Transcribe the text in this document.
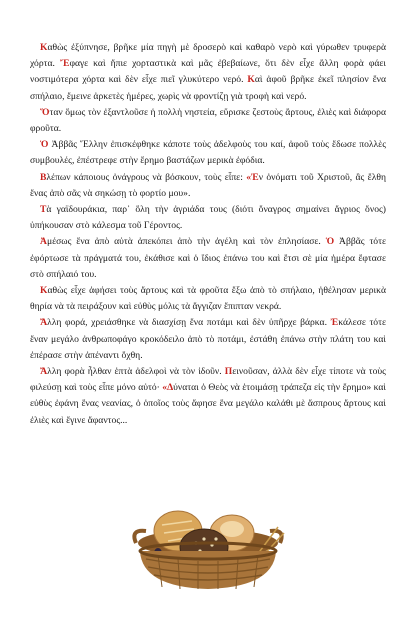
Καθὼς ἐξύπνησε, βρῆκε μία πηγὴ μὲ δροσερὸ καὶ καθαρὸ νερὸ καὶ γύρωθεν τρυφερὰ χόρτα. Ἔφαγε καὶ ἤπιε χορταστικὰ καὶ μᾶς ἐβεβαίωνε, ὅτι δὲν εἶχε ἄλλη φορὰ φάει νοστιμότερα χόρτα καὶ δὲν εἶχε πιεῖ γλυκύτερο νερό. Καὶ ἀφοῦ βρῆκε ἐκεῖ πλησίον ἕνα σπήλαιο, ἔμεινε ἀρκετὲς ἡμέρες, χωρὶς νὰ φροντίζῃ γιὰ τροφὴ καὶ νερό.

Ὅταν ὅμως τὸν ἐξαντλοῦσε ἡ πολλὴ νηστεία, εὕρισκε ζεστοὺς ἄρτους, ἐλιὲς καὶ διάφορα φροῦτα.

Ὁ Ἀββᾶς Ἕλλην ἐπισκέφθηκε κάποτε τοὺς ἀδελφοὺς του καί, ἀφοῦ τοὺς ἔδωσε πολλὲς συμβουλές, ἐπέστρεφε στὴν ἔρημο βαστάζων μερικὰ ἐφόδια.

Βλέπων κάποιους ὀνάγρους νὰ βόσκουν, τοὺς εἶπε: «Ἐν ὀνόματι τοῦ Χριστοῦ, ἂς ἔλθη ἕνας ἀπὸ σᾶς νὰ σηκώσῃ τὸ φορτίο μου».

Τὰ γαϊδουράκια, παρ᾿ ὅλη τὴν ἀγριάδα τους (διότι ὄναγρος σημαίνει ἄγριος ὄνος) ὑπήκουσαν στὸ κάλεσμα τοῦ Γέροντος.

Ἀμέσως ἕνα ἀπὸ αὐτὰ ἀπεκόπει ἀπὸ τὴν ἀγέλη καὶ τὸν ἐπλησίασε. Ὁ Ἀββᾶς τότε ἐφόρτωσε τὰ πράγματά του, ἐκάθισε καὶ ὁ ἴδιος ἐπάνω του καὶ ἔτσι σὲ μία ἡμέρα ἔφτασε στὸ σπήλαιό του.

Καθὼς εἶχε ἁφήσει τοὺς ἄρτους καὶ τὰ φροῦτα ἔξω ἀπὸ τὸ σπήλαιο, ἠθέλησαν μερικὰ θηρία νὰ τὰ πειράξουν καὶ εὐθὺς μόλις τὰ ἄγγιζαν ἔπιπταν νεκρά.

Ἄλλη φορά, χρειάσθηκε νὰ διασχίσῃ ἕνα ποτάμι καὶ δὲν ὑπῆρχε βάρκα. Ἐκάλεσε τότε ἕναν μεγάλο ἀνθρωποφάγο κροκόδειλο ἀπὸ τὸ ποτάμι, ἐστάθη ἐπάνω στὴν πλάτη του καὶ ἐπέρασε στὴν ἀπέναντι ὄχθη.

Ἄλλη φορὰ ἦλθαν ἑπτὰ ἀδελφοὶ νὰ τὸν ἰδοῦν. Πεινοῦσαν, ἀλλὰ δὲν εἶχε τίποτε νὰ τοὺς φιλεύσῃ καὶ τοὺς εἶπε μόνο αὐτό· «Δύναται ὁ Θεὸς νὰ ἑτοιμάσῃ τράπεζα εἰς τὴν ἔρημο» καὶ εὐθὺς ἐφάνη ἕνας νεανίας, ὁ ὁποῖος τοὺς ἄφησε ἕνα μεγάλο καλάθι μὲ ἄσπρους ἄρτους καὶ ἐλιὲς καὶ ἔγινε ἄφαντος...
